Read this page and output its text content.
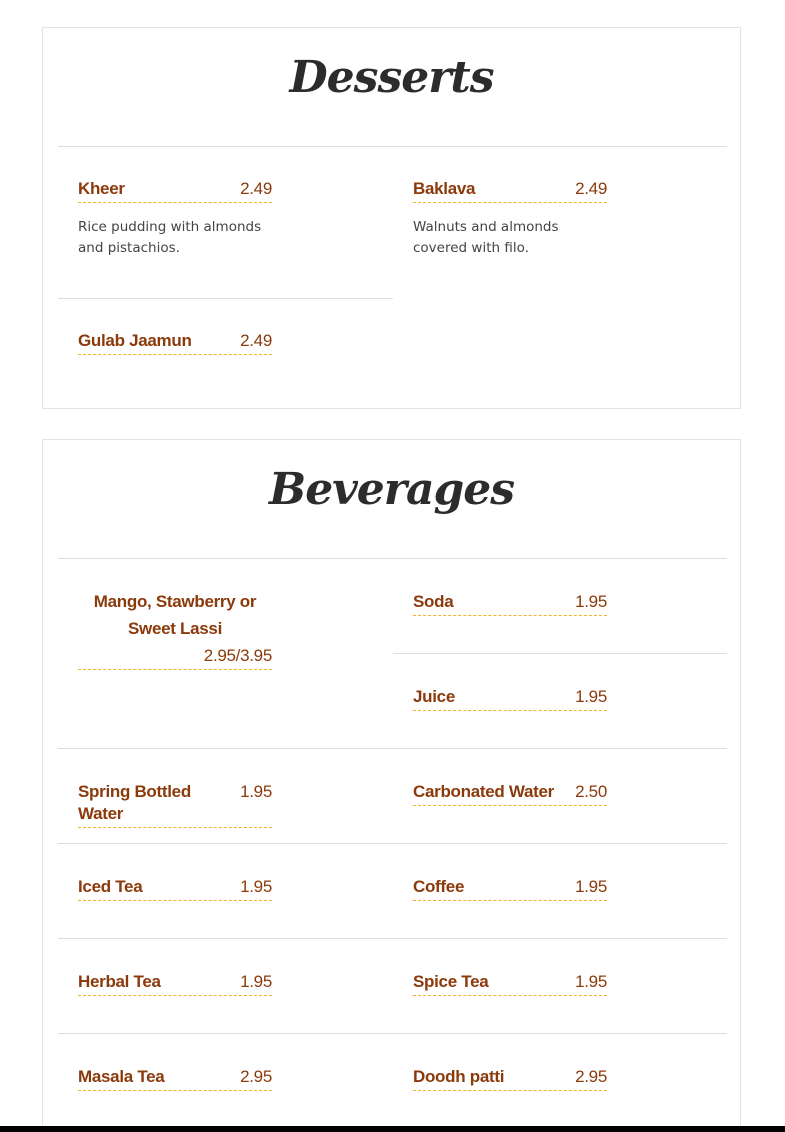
Desserts
Kheer	2.49
Rice pudding with almonds and pistachios.
Baklava	2.49
Walnuts and almonds covered with filo.
Gulab Jaamun	2.49
Beverages
Mango, Stawberry or Sweet Lassi
2.95/3.95
Soda	1.95
Juice	1.95
Spring Bottled Water
1.95	Carbonated Water 2.50
Iced Tea	1.95	Coffee	1.95
Herbal Tea	1.95	Spice Tea	1.95
Masala Tea	2.95	Doodh patti	2.95
